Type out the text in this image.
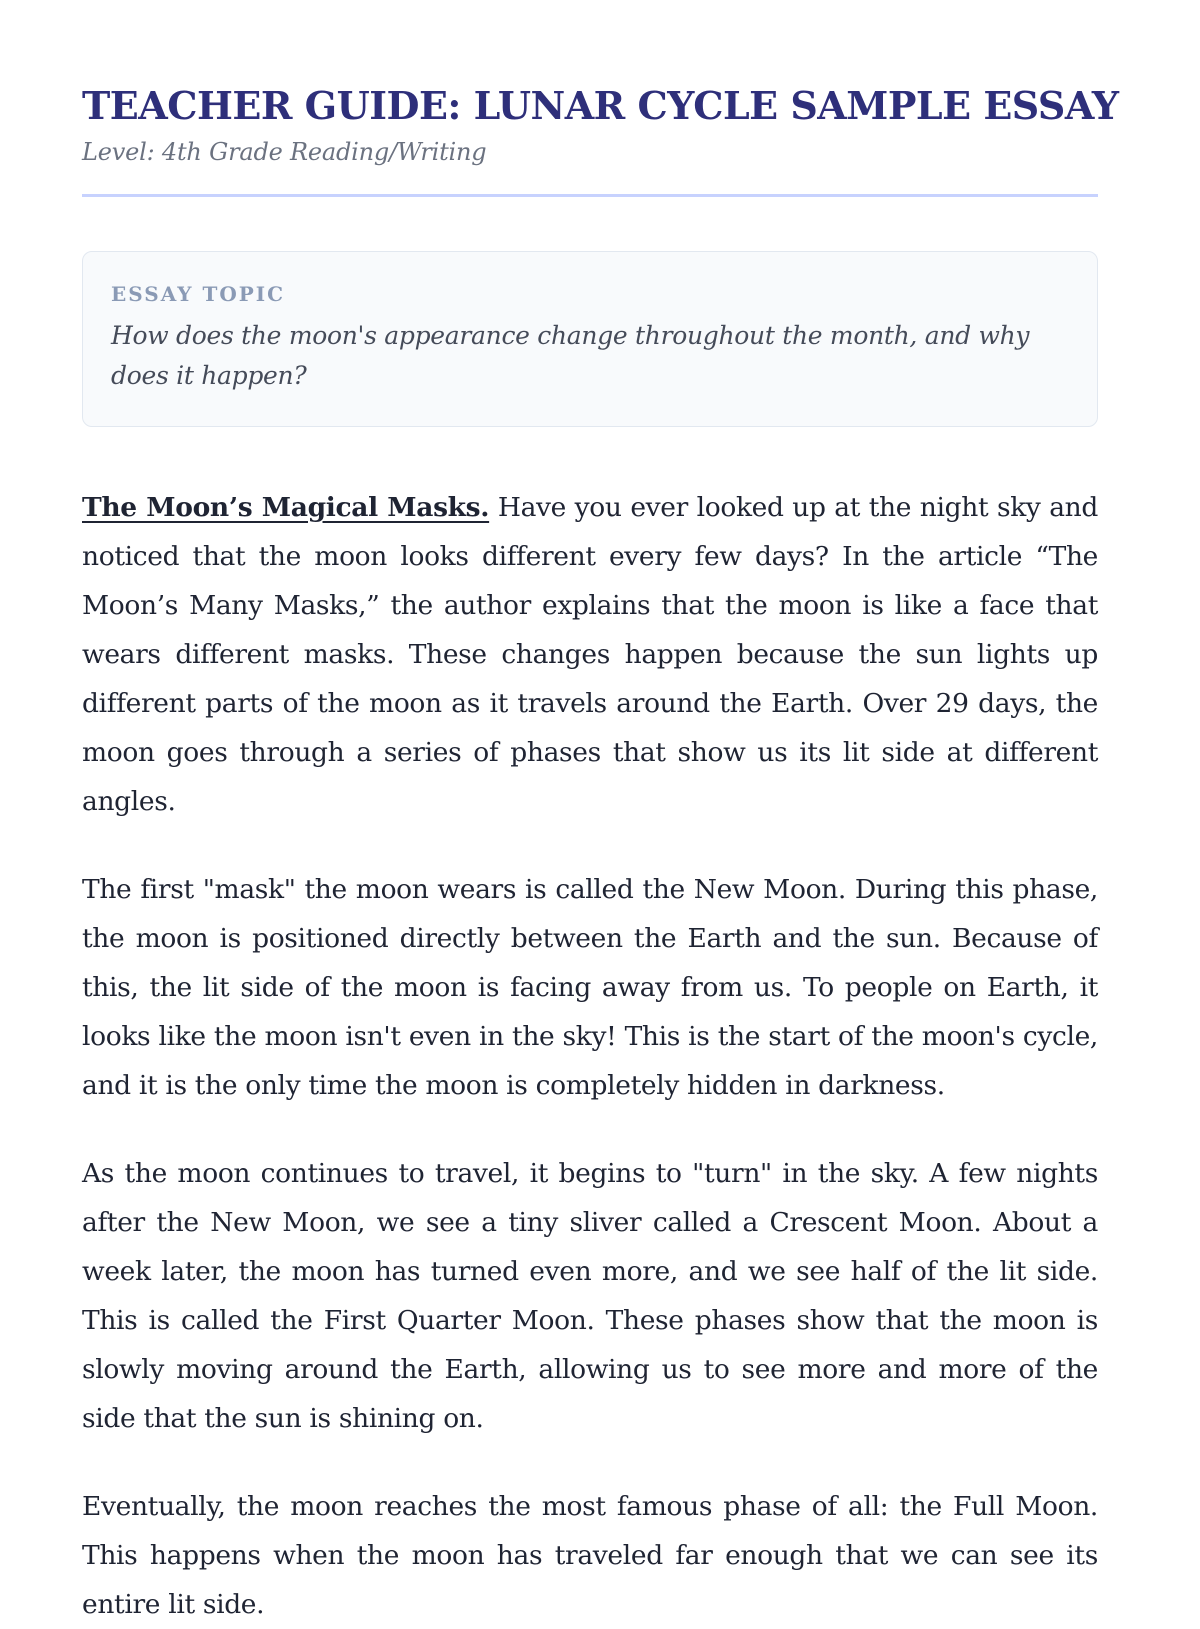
TEACHER GUIDE: LUNAR CYCLE SAMPLE ESSAY
Level: 4th Grade Reading/Writing
ESSAY TOPIC

How does the moon's appearance change throughout the month, and why does it happen?

The Moon’s Magical Masks. Have you ever looked up at the night sky and noticed that the moon looks different every few days? In the article “The Moon’s Many Masks,” the author explains that the moon is like a face that wears different masks. These changes happen because the sun lights up different parts of the moon as it travels around the Earth. Over 29 days, the moon goes through a series of phases that show us its lit side at different angles.

The first "mask" the moon wears is called the New Moon. During this phase, the moon is positioned directly between the Earth and the sun. Because of this, the lit side of the moon is facing away from us. To people on Earth, it looks like the moon isn't even in the sky! This is the start of the moon's cycle, and it is the only time the moon is completely hidden in darkness.

As the moon continues to travel, it begins to "turn" in the sky. A few nights after the New Moon, we see a tiny sliver called a Crescent Moon. About a week later, the moon has turned even more, and we see half of the lit side. This is called the First Quarter Moon. These phases show that the moon is slowly moving around the Earth, allowing us to see more and more of the side that the sun is shining on.

Eventually, the moon reaches the most famous phase of all: the Full Moon. This happens when the moon has traveled far enough that we can see its entire lit side.
